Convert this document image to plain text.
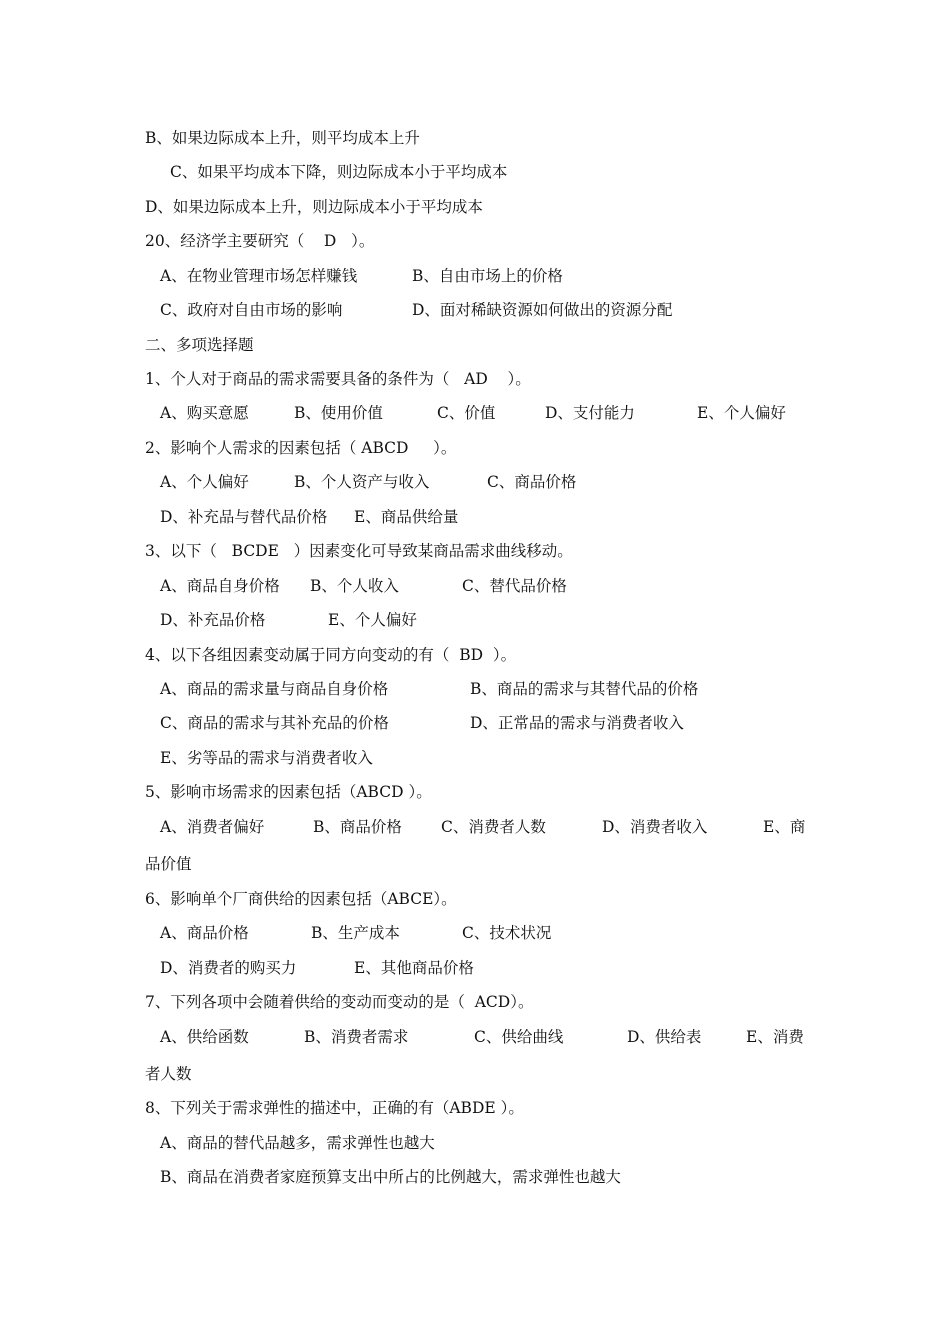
B、如果边际成本上升，则平均成本上升
C、如果平均成本下降，则边际成本小于平均成本
D、如果边际成本上升，则边际成本小于平均成本
20、经济学主要研究（    D   ）。
A、在物业管理市场怎样赚钱	B、自由市场上的价格
C、政府对自由市场的影响	D、面对稀缺资源如何做出的资源分配
二、多项选择题
1、个人对于商品的需求需要具备的条件为（   AD    ）。
A、购买意愿	B、使用价值	C、价值	D、支付能力	E、个人偏好
2、影响个人需求的因素包括（ ABCD     ）。
A、个人偏好	B、个人资产与收入	C、商品价格
D、补充品与替代品价格 E、商品供给量
3、以下（   BCDE   ）因素变化可导致某商品需求曲线移动。
A、商品自身价格 B、个人收入	C、替代品价格
D、补充品价格	E、个人偏好
4、以下各组因素变动属于同方向变动的有（  BD  ）。
A、商品的需求量与商品自身价格	B、商品的需求与其替代品的价格
C、商品的需求与其补充品的价格	D、正常品的需求与消费者收入
E、劣等品的需求与消费者收入
5、影响市场需求的因素包括（ABCD ）。
A、消费者偏好	B、商品价格	C、消费者人数	D、消费者收入	E、商
品价值
6、影响单个厂商供给的因素包括（ABCE）。
A、商品价格	B、生产成本	C、技术状况
D、消费者的购买力	E、其他商品价格
7、下列各项中会随着供给的变动而变动的是（  ACD）。
A、供给函数	B、消费者需求	C、供给曲线	D、供给表	E、消费
者人数
8、下列关于需求弹性的描述中，正确的有（ABDE ）。
A、商品的替代品越多，需求弹性也越大
B、商品在消费者家庭预算支出中所占的比例越大，需求弹性也越大
